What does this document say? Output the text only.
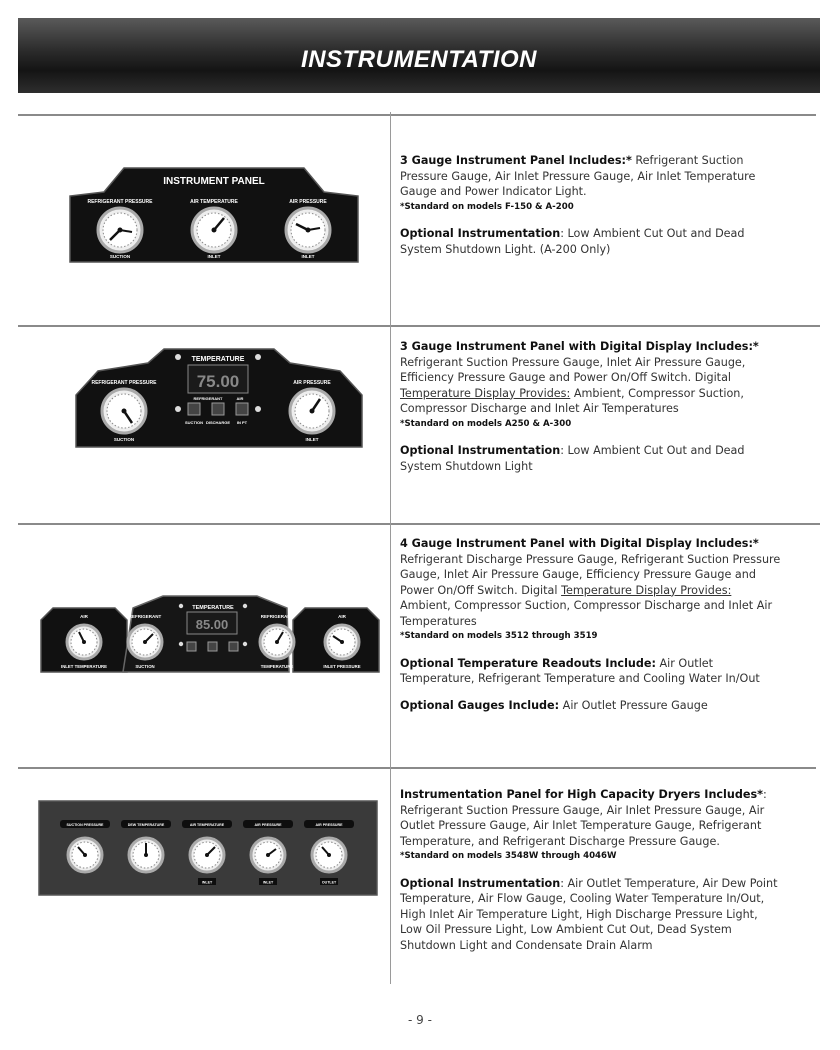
INSTRUMENTATION
INSTRUMENT PANEL
REFRIGERANT PRESSURE	AIR TEMPERATURE	AIR PRESSURE
SUCTION	INLET	INLET

3 Gauge Instrument Panel Includes:* Refrigerant Suction Pressure Gauge, Air Inlet Pressure Gauge, Air Inlet Temperature Gauge and Power Indicator Light.

*Standard on models F-150 & A-200

Optional Instrumentation: Low Ambient Cut Out and Dead System Shutdown Light. (A-200 Only)

TEMPERATURE
75.00
REFRIGERANT	AIR
SUCTION DISCHARGE IN PT
REFRIGERANT PRESSURE	AIR PRESSURE
SUCTION	INLET

3 Gauge Instrument Panel with Digital Display Includes:*

Refrigerant Suction Pressure Gauge, Inlet Air Pressure Gauge, Efficiency Pressure Gauge and Power On/Off Switch. Digital Temperature Display Provides: Ambient, Compressor Suction, Compressor Discharge and Inlet Air Temperatures

*Standard on models A250 & A-300

Optional Instrumentation: Low Ambient Cut Out and Dead System Shutdown Light

AIR	REFRIGERANT	REFRIGERANT	AIR
TEMPERATURE
85.00
INLET TEMPERATURE	SUCTION	TEMPERATURE	INLET PRESSURE

4 Gauge Instrument Panel with Digital Display Includes:*

Refrigerant Discharge Pressure Gauge, Refrigerant Suction Pressure Gauge, Inlet Air Pressure Gauge, Efficiency Pressure Gauge and Power On/Off Switch. Digital Temperature Display Provides: Ambient, Compressor Suction, Compressor Discharge and Inlet Air Temperatures

*Standard on models 3512 through 3519

Optional Temperature Readouts Include: Air Outlet Temperature, Refrigerant Temperature and Cooling Water In/Out

Optional Gauges Include: Air Outlet Pressure Gauge

SUCTION PRESSURE	DEW TEMPERATURE	AIR TEMPERATURE	AIR PRESSURE	AIR PRESSURE
INLET	INLET	OUTLET

Instrumentation Panel for High Capacity Dryers Includes*: Refrigerant Suction Pressure Gauge, Air Inlet Pressure Gauge, Air Outlet Pressure Gauge, Air Inlet Temperature Gauge, Refrigerant Temperature, and Refrigerant Discharge Pressure Gauge.

*Standard on models 3548W through 4046W

Optional Instrumentation: Air Outlet Temperature, Air Dew Point Temperature, Air Flow Gauge, Cooling Water Temperature In/Out, High Inlet Air Temperature Light, High Discharge Pressure Light, Low Oil Pressure Light, Low Ambient Cut Out, Dead System Shutdown Light and Condensate Drain Alarm

- 9 -
